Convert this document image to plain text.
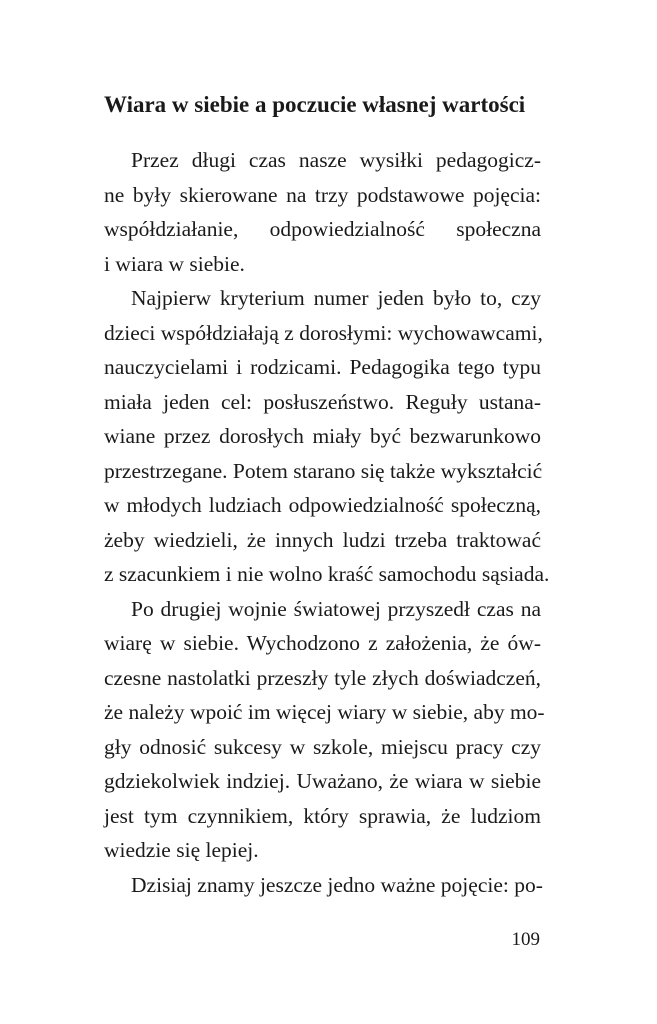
Wiara w siebie a poczucie własnej wartości
Przez długi czas nasze wysiłki pedagogicz-
ne były skierowane na trzy podstawowe pojęcia:
współdziałanie, odpowiedzialność społeczna
i wiara w siebie.
Najpierw kryterium numer jeden było to, czy
dzieci współdziałają z dorosłymi: wychowawcami,
nauczycielami i rodzicami. Pedagogika tego typu
miała jeden cel: posłuszeństwo. Reguły ustana-
wiane przez dorosłych miały być bezwarunkowo
przestrzegane. Potem starano się także wykształcić
w młodych ludziach odpowiedzialność społeczną,
żeby wiedzieli, że innych ludzi trzeba traktować
z szacunkiem i nie wolno kraść samochodu sąsiada.
Po drugiej wojnie światowej przyszedł czas na
wiarę w siebie. Wychodzono z założenia, że ów-
czesne nastolatki przeszły tyle złych doświadczeń,
że należy wpoić im więcej wiary w siebie, aby mo-
gły odnosić sukcesy w szkole, miejscu pracy czy
gdziekolwiek indziej. Uważano, że wiara w siebie
jest tym czynnikiem, który sprawia, że ludziom
wiedzie się lepiej.
Dzisiaj znamy jeszcze jedno ważne pojęcie: po-
109
